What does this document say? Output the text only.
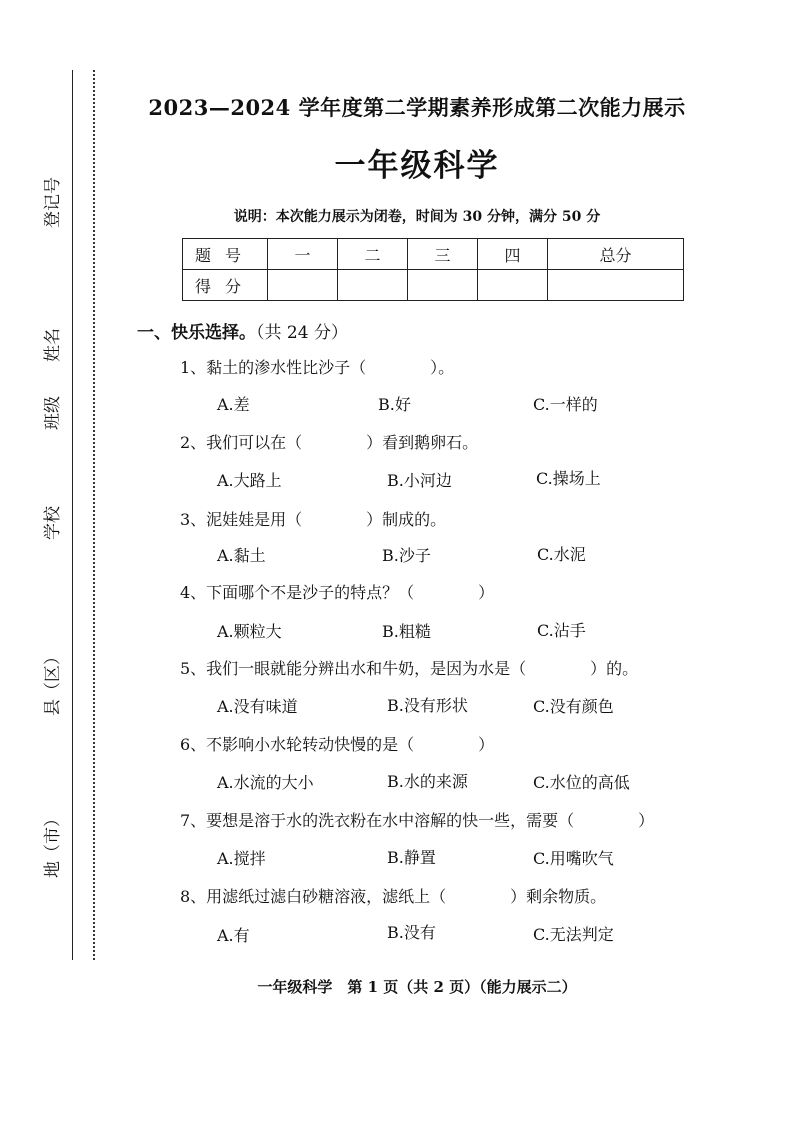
登记号
姓名
班级
学校
县（区）
地（市）
2023—2024 学年度第二学期素养形成第二次能力展示
一年级科学
说明：本次能力展示为闭卷，时间为 30 分钟，满分 50 分
题号	一	二	三	四	总分
得分					
一、快乐选择。（共 24 分）
1、黏土的渗水性比沙子（　　　　）。
A.差	B.好	C.一样的
2、我们可以在（　　　　）看到鹅卵石。
A.大路上	B.小河边	C.操场上
3、泥娃娃是用（　　　　）制成的。
A.黏土	B.沙子	C.水泥
4、下面哪个不是沙子的特点？（　　　　）
A.颗粒大	B.粗糙	C.沾手
5、我们一眼就能分辨出水和牛奶，是因为水是（　　　　）的。
A.没有味道	B.没有形状	C.没有颜色
6、不影响小水轮转动快慢的是（　　　　）
A.水流的大小	B.水的来源	C.水位的高低
7、要想是溶于水的洗衣粉在水中溶解的快一些，需要（　　　　）
A.搅拌	B.静置	C.用嘴吹气
8、用滤纸过滤白砂糖溶液，滤纸上（　　　　）剩余物质。
A.有	B.没有	C.无法判定
一年级科学　第 1 页（共 2 页）（能力展示二）
